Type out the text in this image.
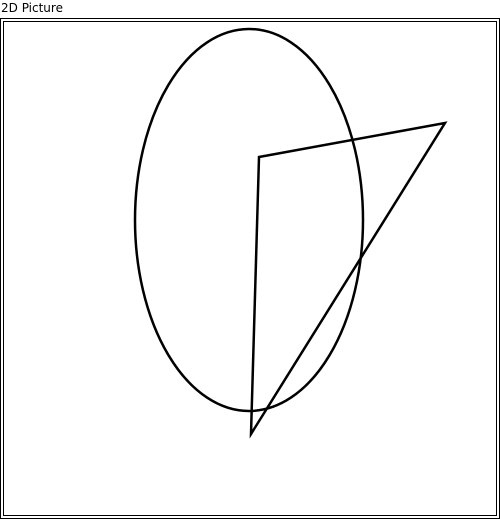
2D Picture
